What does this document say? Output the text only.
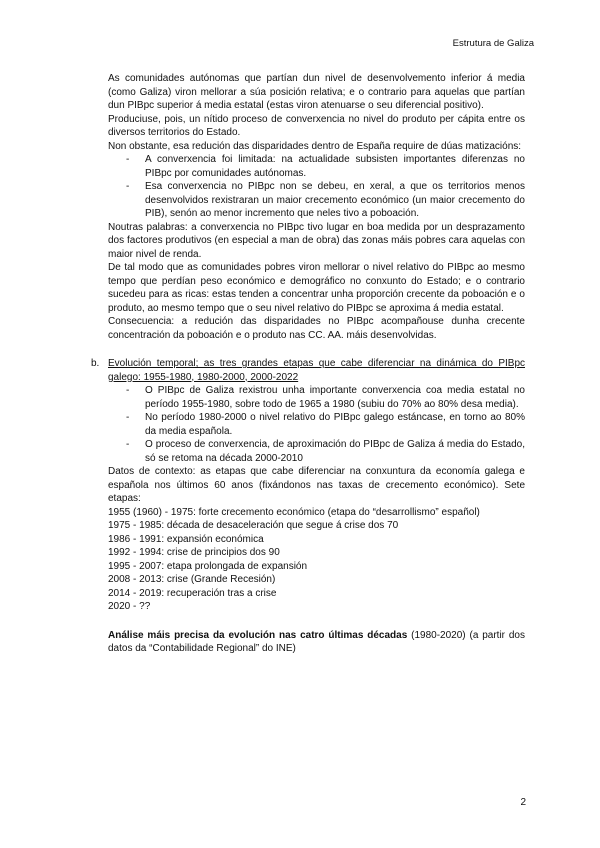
Estrutura de Galiza

As comunidades autónomas que partían dun nivel de desenvolvemento inferior á media (como Galiza) viron mellorar a súa posición relativa; e o contrario para aquelas que partían dun PIBpc superior á media estatal (estas viron atenuarse o seu diferencial positivo).

Produciuse, pois, un nítido proceso de converxencia no nivel do produto per cápita entre os diversos territorios do Estado.

Non obstante, esa redución das disparidades dentro de España require de dúas matizacións:

- A converxencia foi limitada: na actualidade subsisten importantes diferenzas no PIBpc por comunidades autónomas.
- Esa converxencia no PIBpc non se debeu, en xeral, a que os territorios menos desenvolvidos rexistraran un maior crecemento económico (un maior crecemento do PIB), senón ao menor incremento que neles tivo a poboación.

Noutras palabras: a converxencia no PIBpc tivo lugar en boa medida por un desprazamento dos factores produtivos (en especial a man de obra) das zonas máis pobres cara aquelas con maior nivel de renda.

De tal modo que as comunidades pobres viron mellorar o nivel relativo do PIBpc ao mesmo tempo que perdían peso económico e demográfico no conxunto do Estado; e o contrario sucedeu para as ricas: estas tenden a concentrar unha proporción crecente da poboación e o produto, ao mesmo tempo que o seu nivel relativo do PIBpc se aproxima á media estatal.

Consecuencia: a redución das disparidades no PIBpc acompañouse dunha crecente concentración da poboación e o produto nas CC. AA. máis desenvolvidas.

b. Evolución temporal; as tres grandes etapas que cabe diferenciar na dinámica do PIBpc galego: 1955-1980, 1980-2000, 2000-2022

- O PIBpc de Galiza rexistrou unha importante converxencia coa media estatal no período 1955-1980, sobre todo de 1965 a 1980 (subiu do 70% ao 80% desa media).
- No período 1980-2000 o nivel relativo do PIBpc galego estáncase, en torno ao 80% da media española.
- O proceso de converxencia, de aproximación do PIBpc de Galiza á media do Estado, só se retoma na década 2000-2010

Datos de contexto: as etapas que cabe diferenciar na conxuntura da economía galega e española nos últimos 60 anos (fixándonos nas taxas de crecemento económico). Sete etapas:

1955 (1960) - 1975: forte crecemento económico (etapa do “desarrollismo” español)

1975 - 1985: década de desaceleración que segue á crise dos 70

1986 - 1991: expansión económica

1992 - 1994: crise de principios dos 90

1995 - 2007: etapa prolongada de expansión

2008 - 2013: crise (Grande Recesión)

2014 - 2019: recuperación tras a crise

2020 - ??

Análise máis precisa da evolución nas catro últimas décadas (1980-2020) (a partir dos datos da “Contabilidade Regional” do INE)

2
